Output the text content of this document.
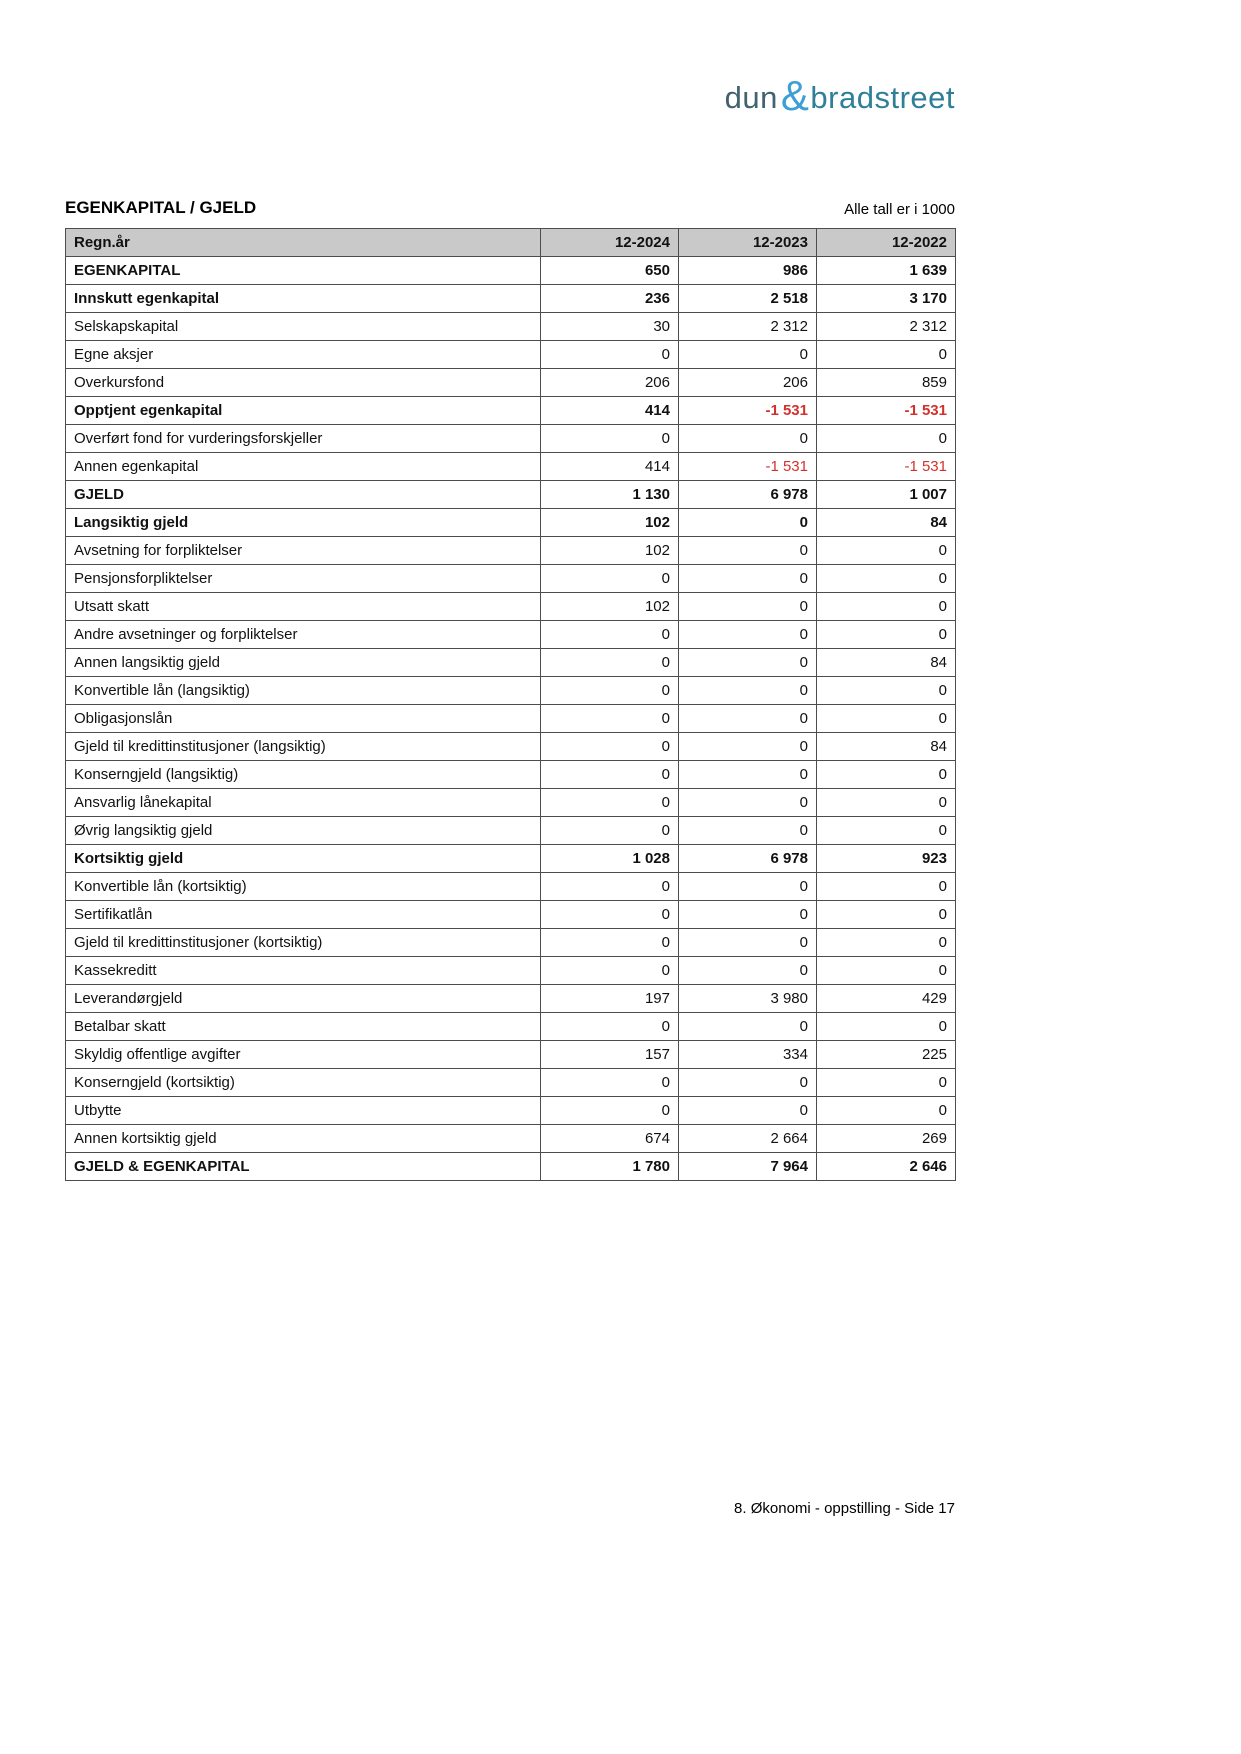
dun & bradstreet
EGENKAPITAL / GJELD	Alle tall er i 1000
Regn.år	12-2024	12-2023	12-2022
EGENKAPITAL	650	986	1 639
Innskutt egenkapital	236	2 518	3 170
Selskapskapital	30	2 312	2 312
Egne aksjer	0	0	0
Overkursfond	206	206	859
Opptjent egenkapital	414	-1 531	-1 531
Overført fond for vurderingsforskjeller	0	0	0
Annen egenkapital	414	-1 531	-1 531
GJELD	1 130	6 978	1 007
Langsiktig gjeld	102	0	84
Avsetning for forpliktelser	102	0	0
Pensjonsforpliktelser	0	0	0
Utsatt skatt	102	0	0
Andre avsetninger og forpliktelser	0	0	0
Annen langsiktig gjeld	0	0	84
Konvertible lån (langsiktig)	0	0	0
Obligasjonslån	0	0	0
Gjeld til kredittinstitusjoner (langsiktig)	0	0	84
Konserngjeld (langsiktig)	0	0	0
Ansvarlig lånekapital	0	0	0
Øvrig langsiktig gjeld	0	0	0
Kortsiktig gjeld	1 028	6 978	923
Konvertible lån (kortsiktig)	0	0	0
Sertifikatlån	0	0	0
Gjeld til kredittinstitusjoner (kortsiktig)	0	0	0
Kassekreditt	0	0	0
Leverandørgjeld	197	3 980	429
Betalbar skatt	0	0	0
Skyldig offentlige avgifter	157	334	225
Konserngjeld (kortsiktig)	0	0	0
Utbytte	0	0	0
Annen kortsiktig gjeld	674	2 664	269
GJELD & EGENKAPITAL	1 780	7 964	2 646
8. Økonomi - oppstilling - Side 17
